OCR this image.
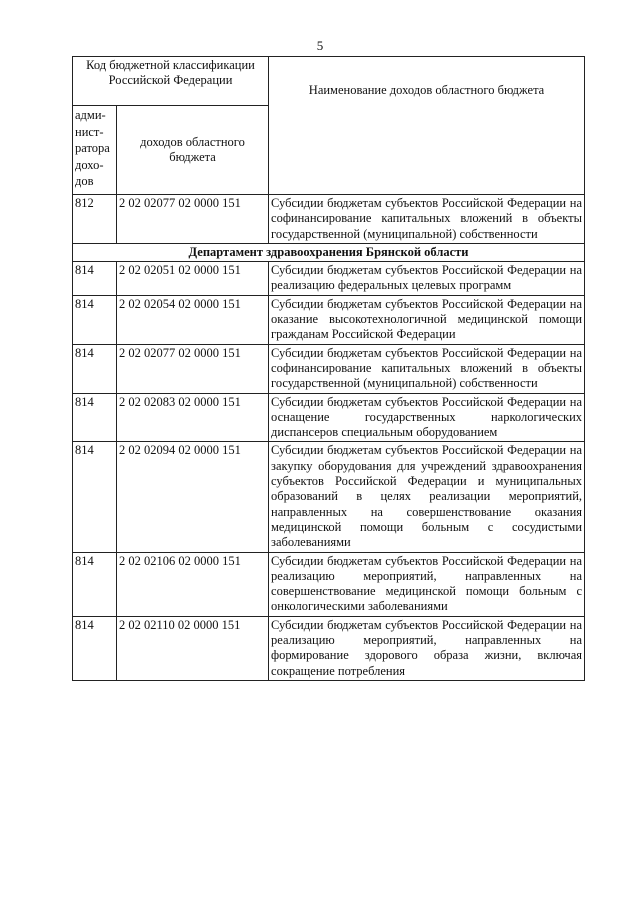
5
Код бюджетной классификации Российской Федерации		Наименование доходов областного бюджета
адми-нист-ратора дохо-дов	доходов областного бюджета	
812	2 02 02077 02 0000 151	Субсидии бюджетам субъектов Российской Федерации на софинансирование капитальных вложений в объекты государственной (муниципальной) собственности
Департамент здравоохранения Брянской области		
814	2 02 02051 02 0000 151	Субсидии бюджетам субъектов Российской Федерации на реализацию федеральных целевых программ
814	2 02 02054 02 0000 151	Субсидии бюджетам субъектов Российской Федерации на оказание высокотехнологичной медицинской помощи гражданам Российской Федерации
814	2 02 02077 02 0000 151	Субсидии бюджетам субъектов Российской Федерации на софинансирование капитальных вложений в объекты государственной (муниципальной) собственности
814	2 02 02083 02 0000 151	Субсидии бюджетам субъектов Российской Федерации на оснащение государственных наркологических диспансеров специальным оборудованием
814	2 02 02094 02 0000 151	Субсидии бюджетам субъектов Российской Федерации на закупку оборудования для учреждений здравоохранения субъектов Российской Федерации и муниципальных образований в целях реализации мероприятий, направленных на совершенствование оказания медицинской помощи больным с сосудистыми заболеваниями
814	2 02 02106 02 0000 151	Субсидии бюджетам субъектов Российской Федерации на реализацию мероприятий, направленных на совершенствование медицинской помощи больным с онкологическими заболеваниями
814	2 02 02110 02 0000 151	Субсидии бюджетам субъектов Российской Федерации на реализацию мероприятий, направленных на формирование здорового образа жизни, включая сокращение потребления
